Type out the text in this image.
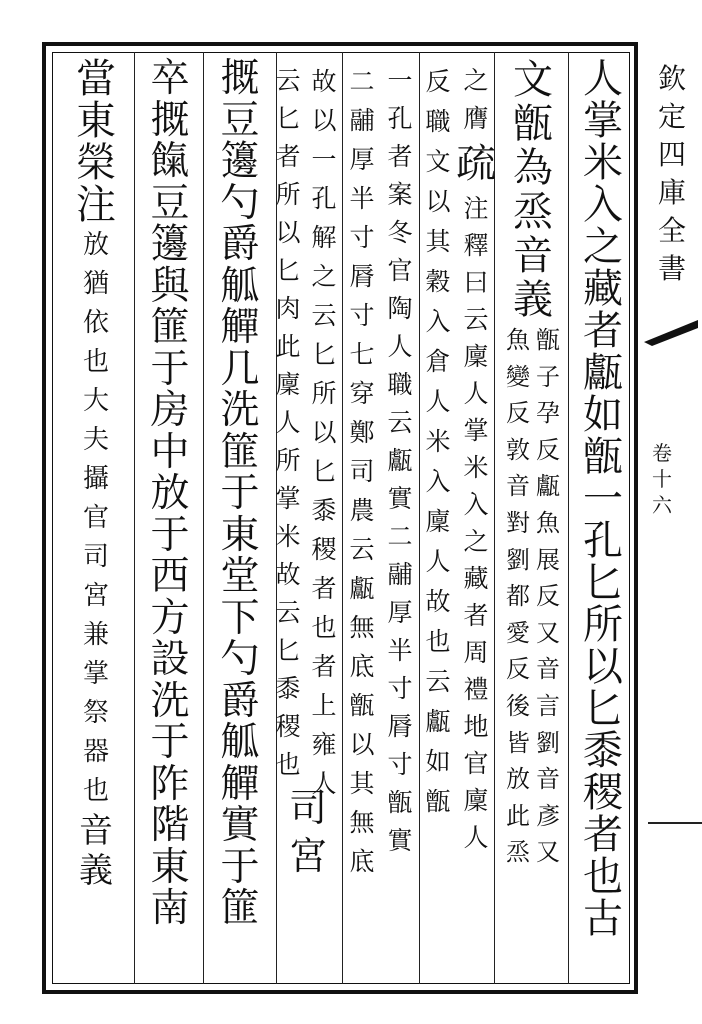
欽
定
四
庫
全
書
卷
十
六
人
掌
米
入
之
藏
者
甗
如
甑
一
孔
匕
所
以
匕
黍
稷
者
也
古
文
甑
為
烝
音
義
甑
子
孕
反
甗
魚
展
反
又
音
言
劉
音
彥
又
魚
變
反
敦
音
對
劉
都
愛
反
後
皆
放
此
烝
之
膺
疏
注
釋
曰
云
廩
人
掌
米
入
之
藏
者
周
禮
地
官
廩
人
反
職
文
以
其
穀
入
倉
人
米
入
廩
人
故
也
云
甗
如
甑
一
孔
者
案
冬
官
陶
人
職
云
甗
實
二
鬴
厚
半
寸
脣
寸
甑
實
二
鬴
厚
半
寸
脣
寸
七
穿
鄭
司
農
云
甗
無
底
甑
以
其
無
底
故
以
一
孔
解
之
云
匕
所
以
匕
黍
稷
者
也
者
上
雍
人
云
匕
者
所
以
匕
肉
此
廩
人
所
掌
米
故
云
匕
黍
稷
也
司
宮
摡
豆
籩
勺
爵
觚
觶
几
洗
篚
于
東
堂
下
勺
爵
觚
觶
實
于
篚
卒
摡
餼
豆
籩
與
篚
于
房
中
放
于
西
方
設
洗
于
阼
階
東
南
當
東
榮
注
放
猶
依
也
大
夫
攝
官
司
宮
兼
掌
祭
器
也
音
義
